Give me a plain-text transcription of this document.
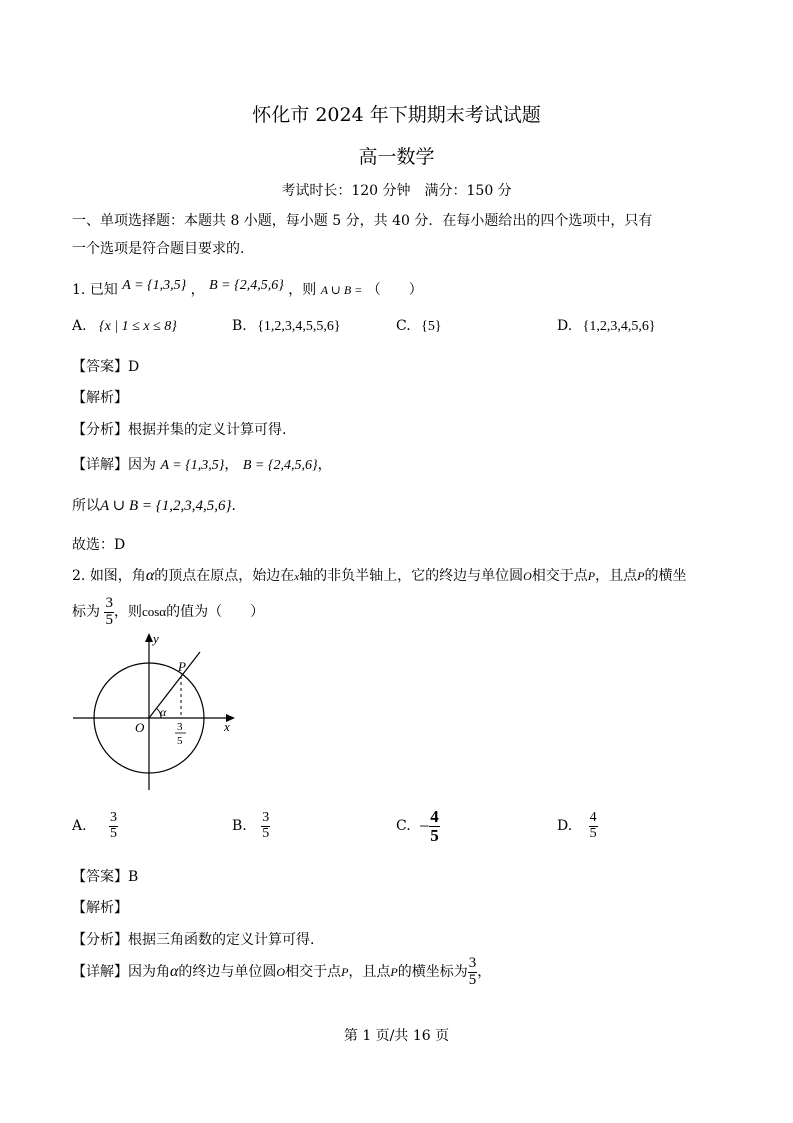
怀化市 2024 年下期期末考试试题
高一数学
考试时长：120 分钟　满分：150 分
一、单项选择题：本题共 8 小题，每小题 5 分，共 40 分．在每小题给出的四个选项中，只有
一个选项是符合题目要求的．
1. 已知 A = {1,3,5} ， B = {2,4,5,6} ，则 A ∪ B = （　　）
A. {x | 1 ≤ x ≤ 8}	B. {1,2,3,4,5,5,6}	C. {5}	D. {1,2,3,4,5,6}
【答案】D
【解析】
【分析】根据并集的定义计算可得.
【详解】因为 A = {1,3,5}， B = {2,4,5,6}，
所以A ∪ B = {1,2,3,4,5,6}．
故选：D
2. 如图，角α的顶点在原点，始边在x轴的非负半轴上，它的终边与单位圆O相交于点P，且点P的横坐
标为 $\frac{3}{5}$ ，则cosα的值为（　　）
y
x
O
P
α
3
5
A. $\frac{3}{5}$	B. $\frac{3}{5}$	C. − $\frac{4}{5}$	D. $\frac{4}{5}$
【答案】B
【解析】
【分析】根据三角函数的定义计算可得.
【详解】因为角α的终边与单位圆O相交于点P，且点P的横坐标为 $\frac{3}{5}$ ，
第 1 页/共 16 页
